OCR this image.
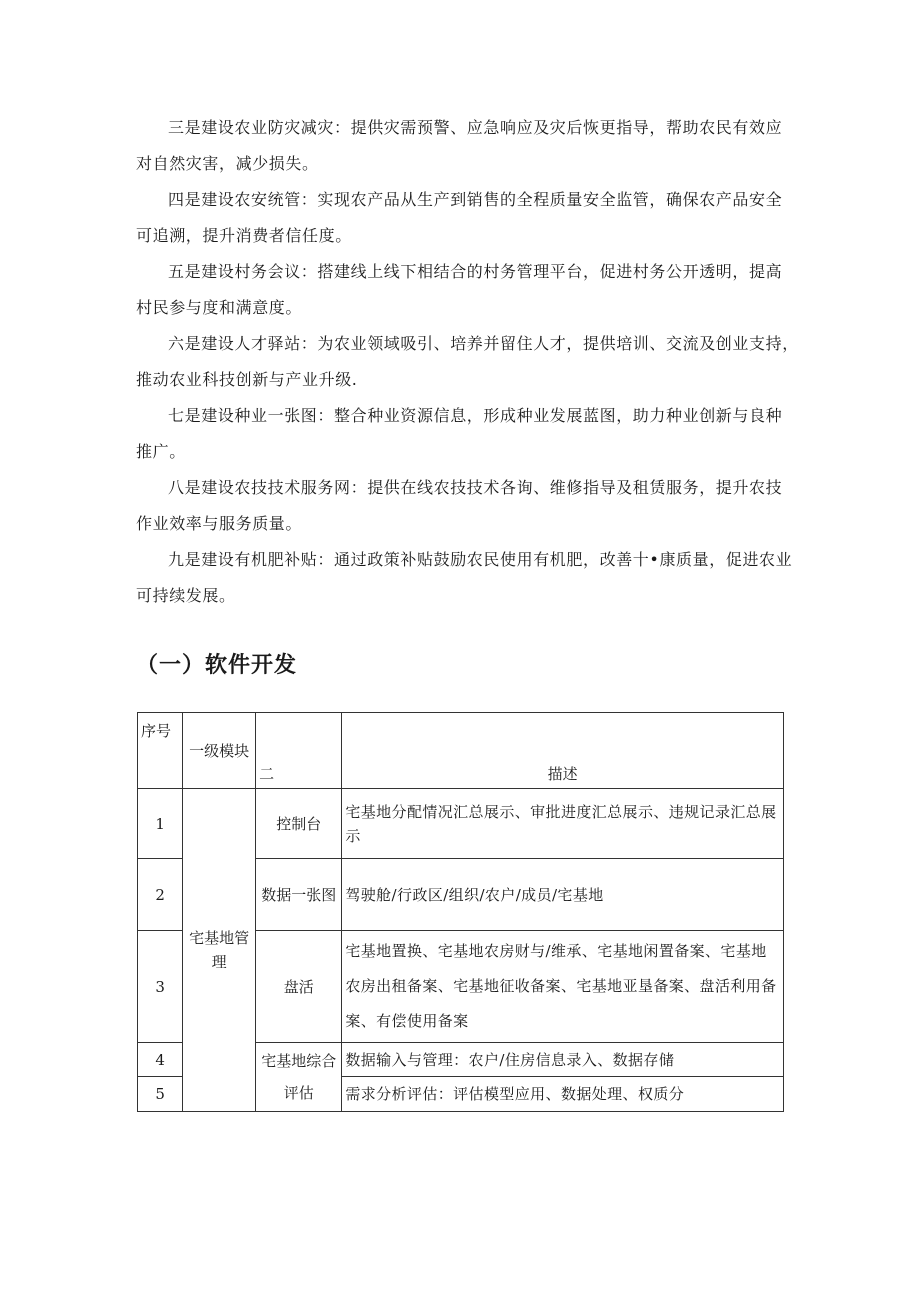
三是建设农业防灾减灾：提供灾需预警、应急响应及灾后恢更指导，帮助农民有效应
对自然灾害，减少损失。
四是建设农安统管：实现农产品从生产到销售的全程质量安全监管，确保农产品安全
可追溯，提升消费者信任度。
五是建设村务会议：搭建线上线下相结合的村务管理平台，促进村务公开透明，提高
村民参与度和满意度。
六是建设人才驿站：为农业领域吸引、培养并留住人才，提供培训、交流及创业支持，
推动农业科技创新与产业升级.
七是建设种业一张图：整合种业资源信息，形成种业发展蓝图，助力种业创新与良种
推广。
八是建设农技技术服务网：提供在线农技技术各询、维修指导及租赁服务，提升农技
作业效率与服务质量。
九是建设有机肥补贴：通过政策补贴鼓励农民使用有机肥，改善十•康质量，促进农业
可持续发展。
（一）软件开发
序号	一级模块	二	描述
1	宅基地管理	控制台	宅基地分配情况汇总展示、审批进度汇总展示、违规记录汇总展示
2		数据一张图	驾驶舱/行政区/组织/农户/成员/宅基地
3		盘活	宅基地置换、宅基地农房财与/维承、宅基地闲置备案、宅基地农房出租备案、宅基地征收备案、宅基地亚垦备案、盘活利用备案、有偿使用备案
4		宅基地综合评估	数据输入与管理：农户/住房信息录入、数据存储
5			需求分析评估：评估模型应用、数据处理、权质分
